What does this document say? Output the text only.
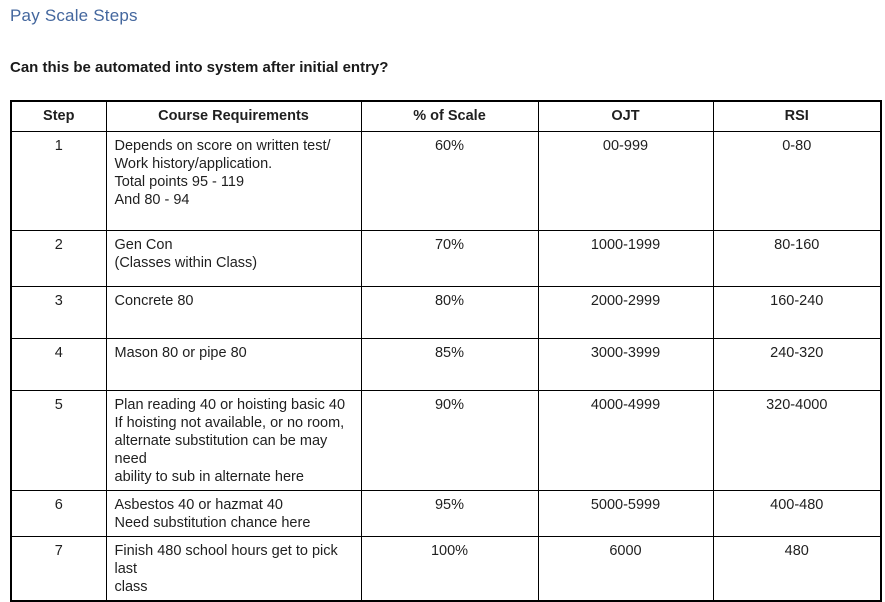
Pay Scale Steps
Can this be automated into system after initial entry?
Step	Course Requirements	% of Scale	OJT	RSI
1	Depends on score on written test/
Work history/application.
Total points 95 - 119
And 80 - 94	60%	00-999	0-80
2	Gen Con
(Classes within Class)	70%	1000-1999	80-160
3	Concrete 80	80%	2000-2999	160-240
4	Mason 80 or pipe 80	85%	3000-3999	240-320
5	Plan reading 40 or hoisting basic 40
If hoisting not available, or no room,
alternate substitution can be may need
ability to sub in alternate here	90%	4000-4999	320-4000
6	Asbestos 40 or hazmat 40
Need substitution chance here	95%	5000-5999	400-480
7	Finish 480 school hours get to pick last
class	100%	6000	480
